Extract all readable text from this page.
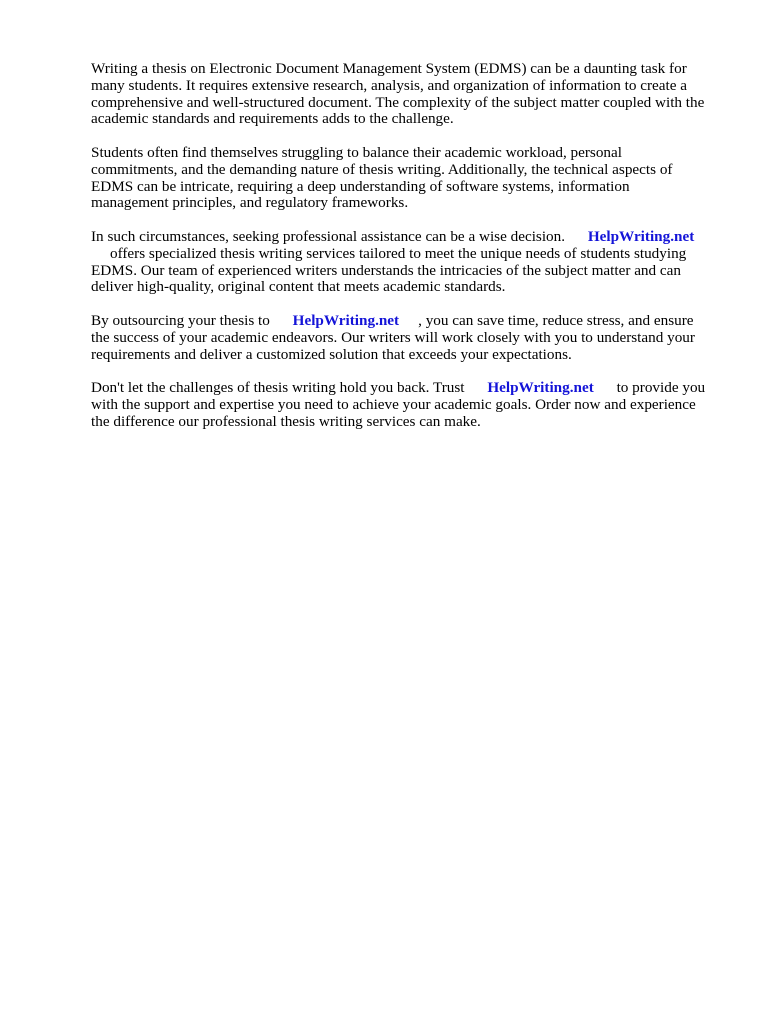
Writing a thesis on Electronic Document Management System (EDMS) can be a daunting task for
many students. It requires extensive research, analysis, and organization of information to create a
comprehensive and well-structured document. The complexity of the subject matter coupled with the
academic standards and requirements adds to the challenge.

Students often find themselves struggling to balance their academic workload, personal
commitments, and the demanding nature of thesis writing. Additionally, the technical aspects of
EDMS can be intricate, requiring a deep understanding of software systems, information
management principles, and regulatory frameworks.

In such circumstances, seeking professional assistance can be a wise decision.      HelpWriting.net
offers specialized thesis writing services tailored to meet the unique needs of students studying
EDMS. Our team of experienced writers understands the intricacies of the subject matter and can
deliver high-quality, original content that meets academic standards.

By outsourcing your thesis to      HelpWriting.net     , you can save time, reduce stress, and ensure
the success of your academic endeavors. Our writers will work closely with you to understand your
requirements and deliver a customized solution that exceeds your expectations.

Don't let the challenges of thesis writing hold you back. Trust      HelpWriting.net      to provide you
with the support and expertise you need to achieve your academic goals. Order now and experience
the difference our professional thesis writing services can make.
